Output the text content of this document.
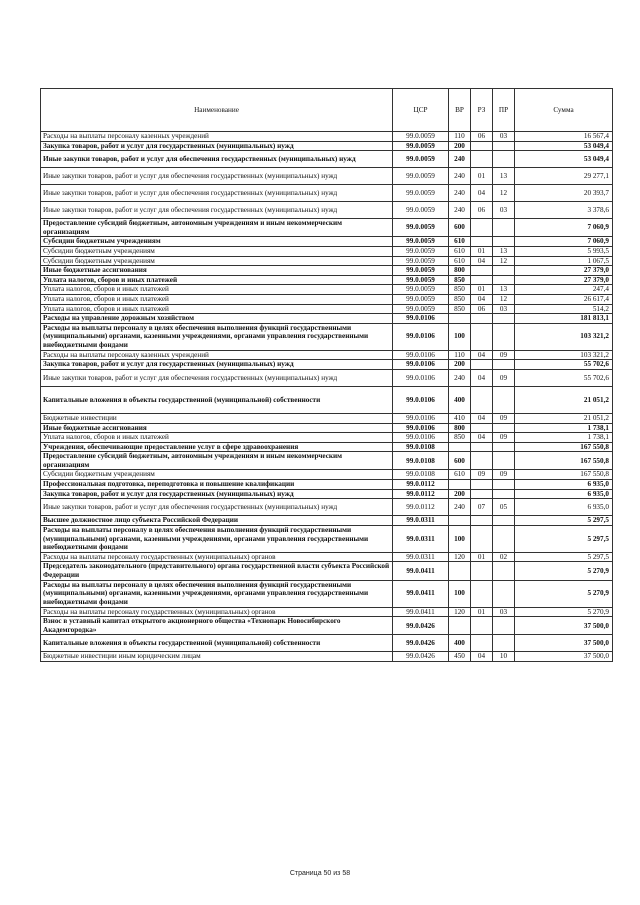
Наименование	ЦСР	ВР	РЗ	ПР	Сумма
Расходы на выплаты персоналу казенных учреждений	99.0.0059	110	06	03	16 567,4
Закупка товаров, работ и услуг для государственных (муниципальных) нужд	99.0.0059	200			53 049,4
Иные закупки товаров, работ и услуг для обеспечения государственных (муниципальных) нужд	99.0.0059	240			53 049,4
Иные закупки товаров, работ и услуг для обеспечения государственных (муниципальных) нужд	99.0.0059	240	01	13	29 277,1
Иные закупки товаров, работ и услуг для обеспечения государственных (муниципальных) нужд	99.0.0059	240	04	12	20 393,7
Иные закупки товаров, работ и услуг для обеспечения государственных (муниципальных) нужд	99.0.0059	240	06	03	3 378,6
Предоставление субсидий бюджетным, автономным учреждениям и иным некоммерческим организациям	99.0.0059	600			7 060,9
Субсидии бюджетным учреждениям	99.0.0059	610			7 060,9
Субсидии бюджетным учреждениям	99.0.0059	610	01	13	5 993,5
Субсидии бюджетным учреждениям	99.0.0059	610	04	12	1 067,5
Иные бюджетные ассигнования	99.0.0059	800			27 379,0
Уплата налогов, сборов и иных платежей	99.0.0059	850			27 379,0
Уплата налогов, сборов и иных платежей	99.0.0059	850	01	13	247,4
Уплата налогов, сборов и иных платежей	99.0.0059	850	04	12	26 617,4
Уплата налогов, сборов и иных платежей	99.0.0059	850	06	03	514,2
Расходы на управление дорожным хозяйством	99.0.0106				181 813,1
Расходы на выплаты персоналу в целях обеспечения выполнения функций государственными (муниципальными) органами, казенными учреждениями, органами управления государственными внебюджетными фондами	99.0.0106	100			103 321,2
Расходы на выплаты персоналу казенных учреждений	99.0.0106	110	04	09	103 321,2
Закупка товаров, работ и услуг для государственных (муниципальных) нужд	99.0.0106	200			55 702,6
Иные закупки товаров, работ и услуг для обеспечения государственных (муниципальных) нужд	99.0.0106	240	04	09	55 702,6
Капитальные вложения в объекты государственной (муниципальной) собственности	99.0.0106	400			21 051,2
Бюджетные инвестиции	99.0.0106	410	04	09	21 051,2
Иные бюджетные ассигнования	99.0.0106	800			1 738,1
Уплата налогов, сборов и иных платежей	99.0.0106	850	04	09	1 738,1
Учреждения, обеспечивающие предоставление услуг в сфере здравоохранения	99.0.0108				167 550,8
Предоставление субсидий бюджетным, автономным учреждениям и иным некоммерческим организациям	99.0.0108	600			167 550,8
Субсидии бюджетным учреждениям	99.0.0108	610	09	09	167 550,8
Профессиональная подготовка, переподготовка и повышение квалификации	99.0.0112				6 935,0
Закупка товаров, работ и услуг для государственных (муниципальных) нужд	99.0.0112	200			6 935,0
Иные закупки товаров, работ и услуг для обеспечения государственных (муниципальных) нужд	99.0.0112	240	07	05	6 935,0
Высшее должностное лицо субъекта Российской Федерации	99.0.0311				5 297,5
Расходы на выплаты персоналу в целях обеспечения выполнения функций государственными (муниципальными) органами, казенными учреждениями, органами управления государственными внебюджетными фондами	99.0.0311	100			5 297,5
Расходы на выплаты персоналу государственных (муниципальных) органов	99.0.0311	120	01	02	5 297,5
Председатель законодательного (представительного) органа государственной власти субъекта Российской Федерации	99.0.0411				5 270,9
Расходы на выплаты персоналу в целях обеспечения выполнения функций государственными (муниципальными) органами, казенными учреждениями, органами управления государственными внебюджетными фондами	99.0.0411	100			5 270,9
Расходы на выплаты персоналу государственных (муниципальных) органов	99.0.0411	120	01	03	5 270,9
Взнос в уставный капитал открытого акционерного общества «Технопарк Новосибирского Академгородка»	99.0.0426				37 500,0
Капитальные вложения в объекты государственной (муниципальной) собственности	99.0.0426	400			37 500,0
Бюджетные инвестиции иным юридическим лицам	99.0.0426	450	04	10	37 500,0
Страница 50 из 58
